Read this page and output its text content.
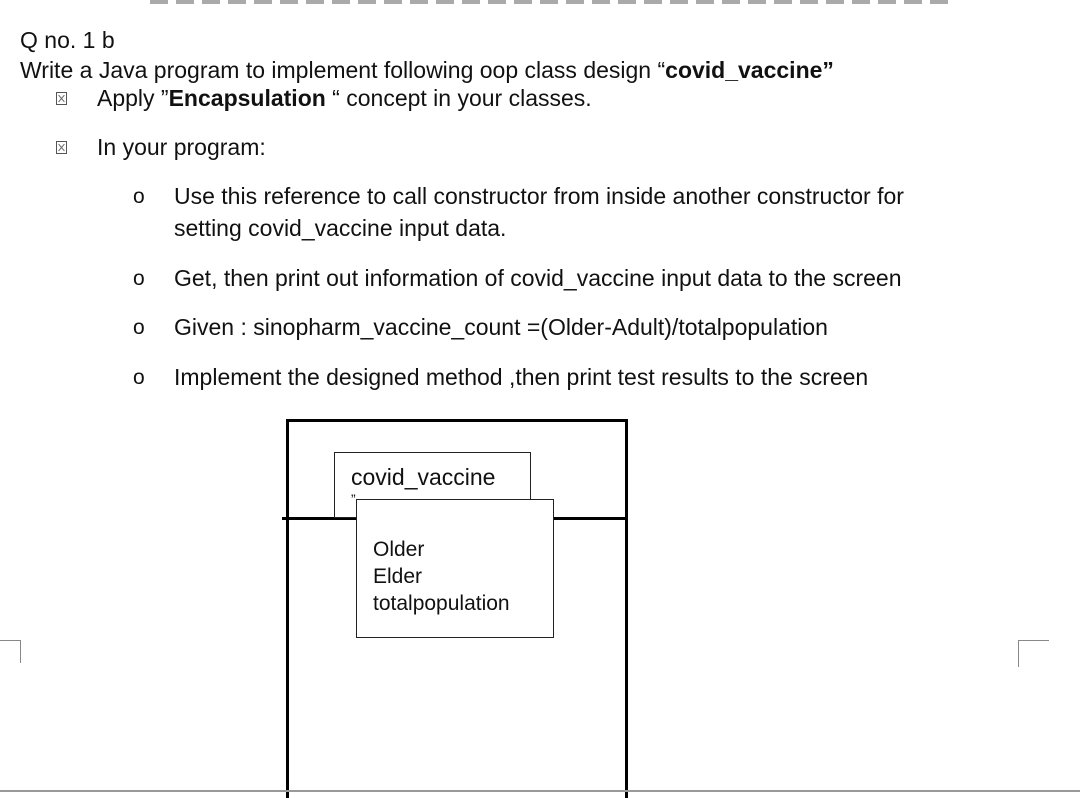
Q no. 1 b
Write a Java program to implement following oop class design “covid_vaccine”
Apply ”Encapsulation “ concept in your classes.
In your program:
o Use this reference to call constructor from inside another constructor for
setting covid_vaccine input data.
o Get, then print out information of covid_vaccine input data to the screen
o Given : sinopharm_vaccine_count =(Older-Adult)/totalpopulation
o Implement the designed method ,then print test results to the screen
covid_vaccine
”
Older
Elder
totalpopulation
